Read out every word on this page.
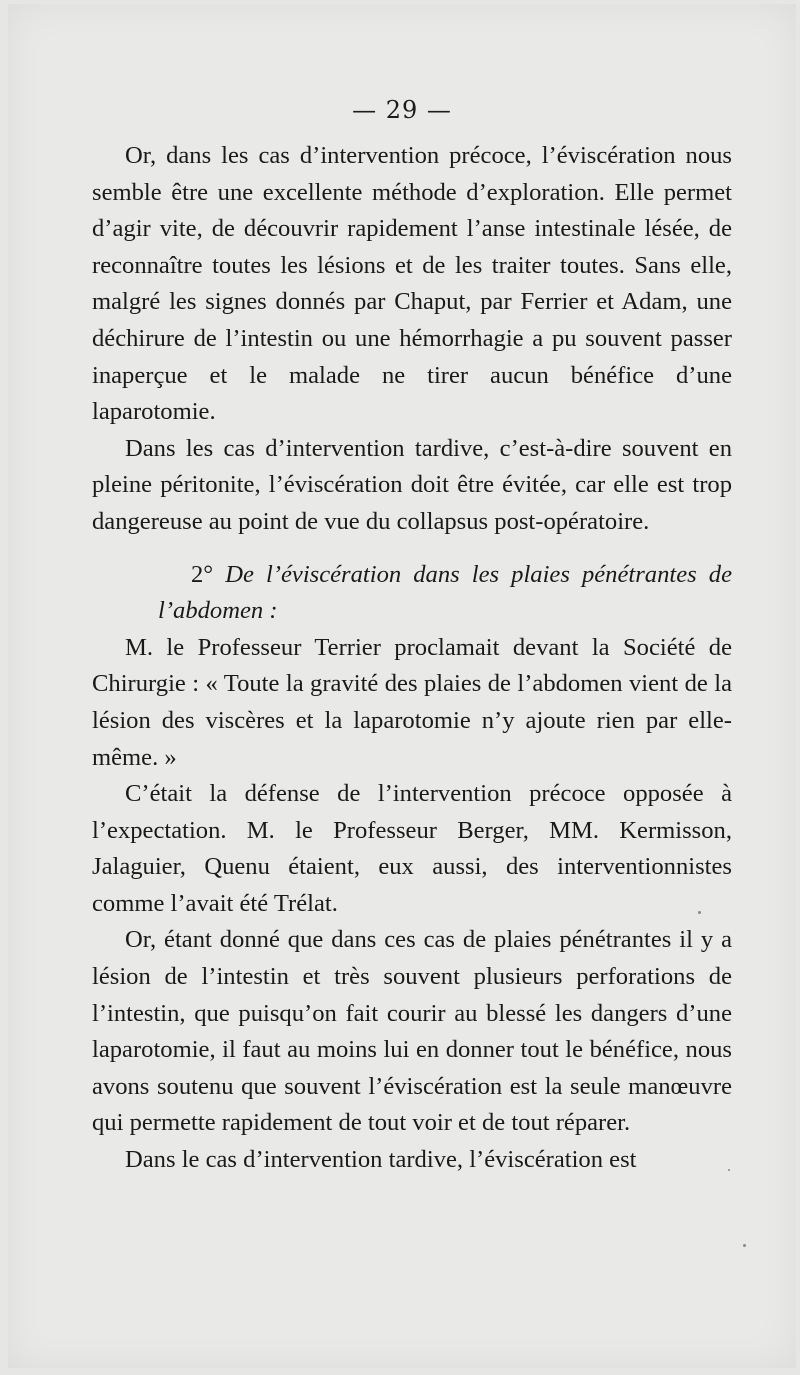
— 29 —

Or, dans les cas d’intervention précoce, l’éviscération nous semble être une excellente méthode d’exploration. Elle permet d’agir vite, de découvrir rapidement l’anse intestinale lésée, de reconnaître toutes les lésions et de les traiter toutes. Sans elle, malgré les signes donnés par Chaput, par Ferrier et Adam, une déchirure de l’intestin ou une hémorrhagie a pu souvent passer inaperçue et le malade ne tirer aucun bénéfice d’une laparotomie.

Dans les cas d’intervention tardive, c’est-à-dire souvent en pleine péritonite, l’éviscération doit être évitée, car elle est trop dangereuse au point de vue du collapsus post-opératoire.

2° De l’éviscération dans les plaies pénétrantes de l’abdomen :

M. le Professeur Terrier proclamait devant la Société de Chirurgie : « Toute la gravité des plaies de l’abdomen vient de la lésion des viscères et la laparotomie n’y ajoute rien par elle-même. »

C’était la défense de l’intervention précoce opposée à l’expectation. M. le Professeur Berger, MM. Kermisson, Jalaguier, Quenu étaient, eux aussi, des interventionnistes comme l’avait été Trélat.

Or, étant donné que dans ces cas de plaies pénétrantes il y a lésion de l’intestin et très souvent plusieurs perforations de l’intestin, que puisqu’on fait courir au blessé les dangers d’une laparotomie, il faut au moins lui en donner tout le bénéfice, nous avons soutenu que souvent l’éviscération est la seule manœuvre qui permette rapidement de tout voir et de tout réparer.

Dans le cas d’intervention tardive, l’éviscération est
